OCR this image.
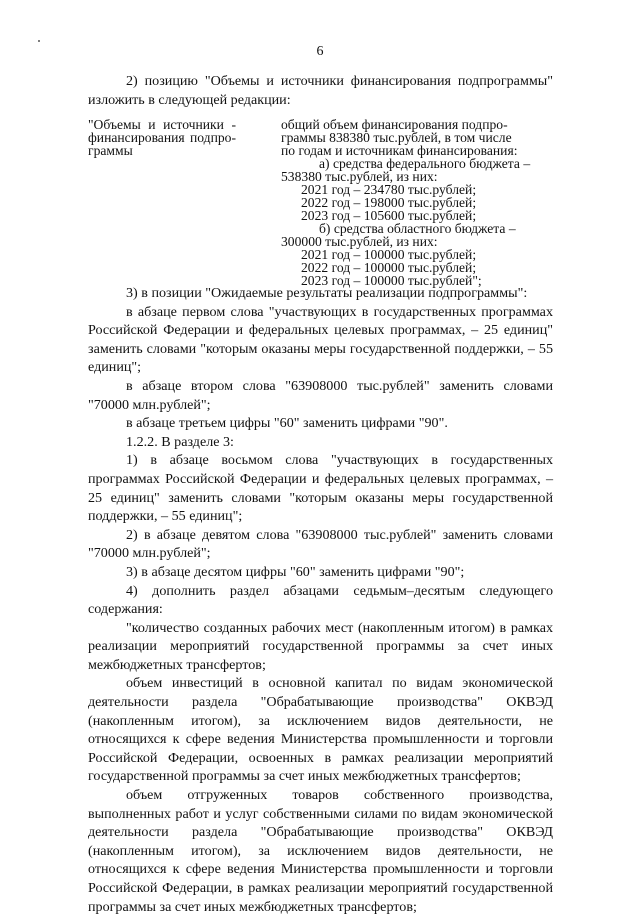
6

2) позицию "Объемы и источники финансирования подпрограммы" изложить в следующей редакции:

"Объемы и источники - финансирования подпро- граммы
общий объем финансирования подпро-
граммы 838380 тыс.рублей, в том числе
по годам и источникам финансирования:
а) средства федерального бюджета –
538380 тыс.рублей, из них:
2021 год – 234780 тыс.рублей;
2022 год – 198000 тыс.рублей;
2023 год – 105600 тыс.рублей;
б) средства областного бюджета –
300000 тыс.рублей, из них:
2021 год – 100000 тыс.рублей;
2022 год – 100000 тыс.рублей;
2023 год – 100000 тыс.рублей";

3) в позиции "Ожидаемые результаты реализации подпрограммы":

в абзаце первом слова "участвующих в государственных программах Российской Федерации и федеральных целевых программах, – 25 единиц" заменить словами "которым оказаны меры государственной поддержки, – 55 единиц";

в абзаце втором слова "63908000 тыс.рублей" заменить словами "70000 млн.рублей";

в абзаце третьем цифры "60" заменить цифрами "90".

1.2.2. В разделе 3:

1) в абзаце восьмом слова "участвующих в государственных программах Российской Федерации и федеральных целевых программах, – 25 единиц" заменить словами "которым оказаны меры государственной поддержки, – 55 единиц";

2) в абзаце девятом слова "63908000 тыс.рублей" заменить словами "70000 млн.рублей";

3) в абзаце десятом цифры "60" заменить цифрами "90";

4) дополнить раздел абзацами седьмым–десятым следующего содержания:

"количество созданных рабочих мест (накопленным итогом) в рамках реализации мероприятий государственной программы за счет иных межбюджетных трансфертов;

объем инвестиций в основной капитал по видам экономической деятельности раздела "Обрабатывающие производства" ОКВЭД (накопленным итогом), за исключением видов деятельности, не относящихся к сфере ведения Министерства промышленности и торговли Российской Федерации, освоенных в рамках реализации мероприятий государственной программы за счет иных межбюджетных трансфертов;

объем отгруженных товаров собственного производства, выполненных работ и услуг собственными силами по видам экономической деятельности раздела "Обрабатывающие производства" ОКВЭД (накопленным итогом), за исключением видов деятельности, не относящихся к сфере ведения Министерства промышленности и торговли Российской Федерации, в рамках реализации мероприятий государственной программы за счет иных межбюджетных трансфертов;
